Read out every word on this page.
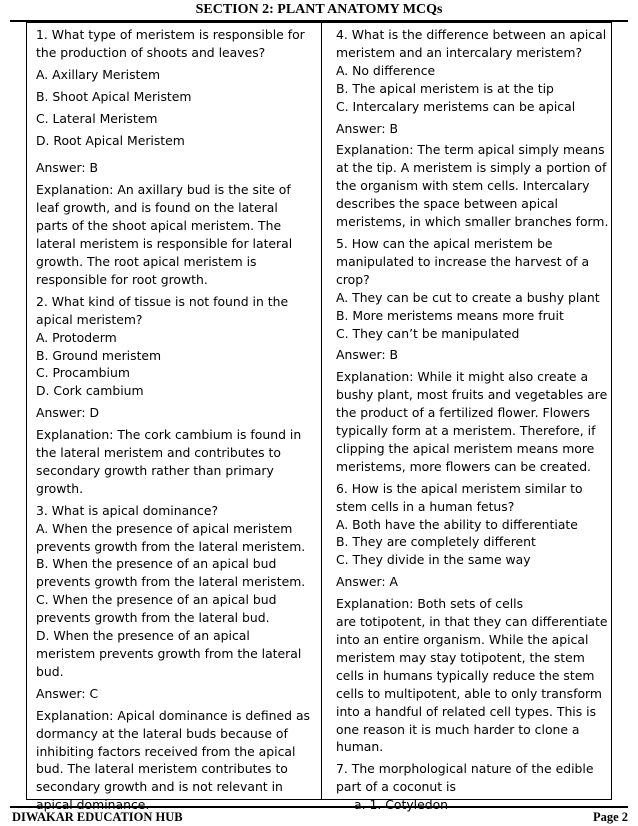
SECTION 2: PLANT ANATOMY MCQs

1. What type of meristem is responsible for

the production of shoots and leaves?

A. Axillary Meristem

B. Shoot Apical Meristem

C. Lateral Meristem

D. Root Apical Meristem

Answer: B

Explanation: An axillary bud is the site of

leaf growth, and is found on the lateral

parts of the shoot apical meristem. The

lateral meristem is responsible for lateral

growth. The root apical meristem is

responsible for root growth.

2. What kind of tissue is not found in the

apical meristem?

A. Protoderm

B. Ground meristem

C. Procambium

D. Cork cambium

Answer: D

Explanation: The cork cambium is found in

the lateral meristem and contributes to

secondary growth rather than primary

growth.

3. What is apical dominance?

A. When the presence of apical meristem

prevents growth from the lateral meristem.

B. When the presence of an apical bud

prevents growth from the lateral meristem.

C. When the presence of an apical bud

prevents growth from the lateral bud.

D. When the presence of an apical

meristem prevents growth from the lateral

bud.

Answer: C

Explanation: Apical dominance is defined as

dormancy at the lateral buds because of

inhibiting factors received from the apical

bud. The lateral meristem contributes to

secondary growth and is not relevant in

apical dominance.

4. What is the difference between an apical

meristem and an intercalary meristem?

A. No difference

B. The apical meristem is at the tip

C. Intercalary meristems can be apical

Answer: B

Explanation: The term apical simply means

at the tip. A meristem is simply a portion of

the organism with stem cells. Intercalary

describes the space between apical

meristems, in which smaller branches form.

5. How can the apical meristem be

manipulated to increase the harvest of a

crop?

A. They can be cut to create a bushy plant

B. More meristems means more fruit

C. They can’t be manipulated

Answer: B

Explanation: While it might also create a

bushy plant, most fruits and vegetables are

the product of a fertilized flower. Flowers

typically form at a meristem. Therefore, if

clipping the apical meristem means more

meristems, more flowers can be created.

6. How is the apical meristem similar to

stem cells in a human fetus?

A. Both have the ability to differentiate

B. They are completely different

C. They divide in the same way

Answer: A

Explanation: Both sets of cells

are totipotent, in that they can differentiate

into an entire organism. While the apical

meristem may stay totipotent, the stem

cells in humans typically reduce the stem

cells to multipotent, able to only transform

into a handful of related cell types. This is

one reason it is much harder to clone a

human.

7. The morphological nature of the edible

part of a coconut is

a. 1. Cotyledon

DIWAKAR EDUCATION HUB	Page 2
